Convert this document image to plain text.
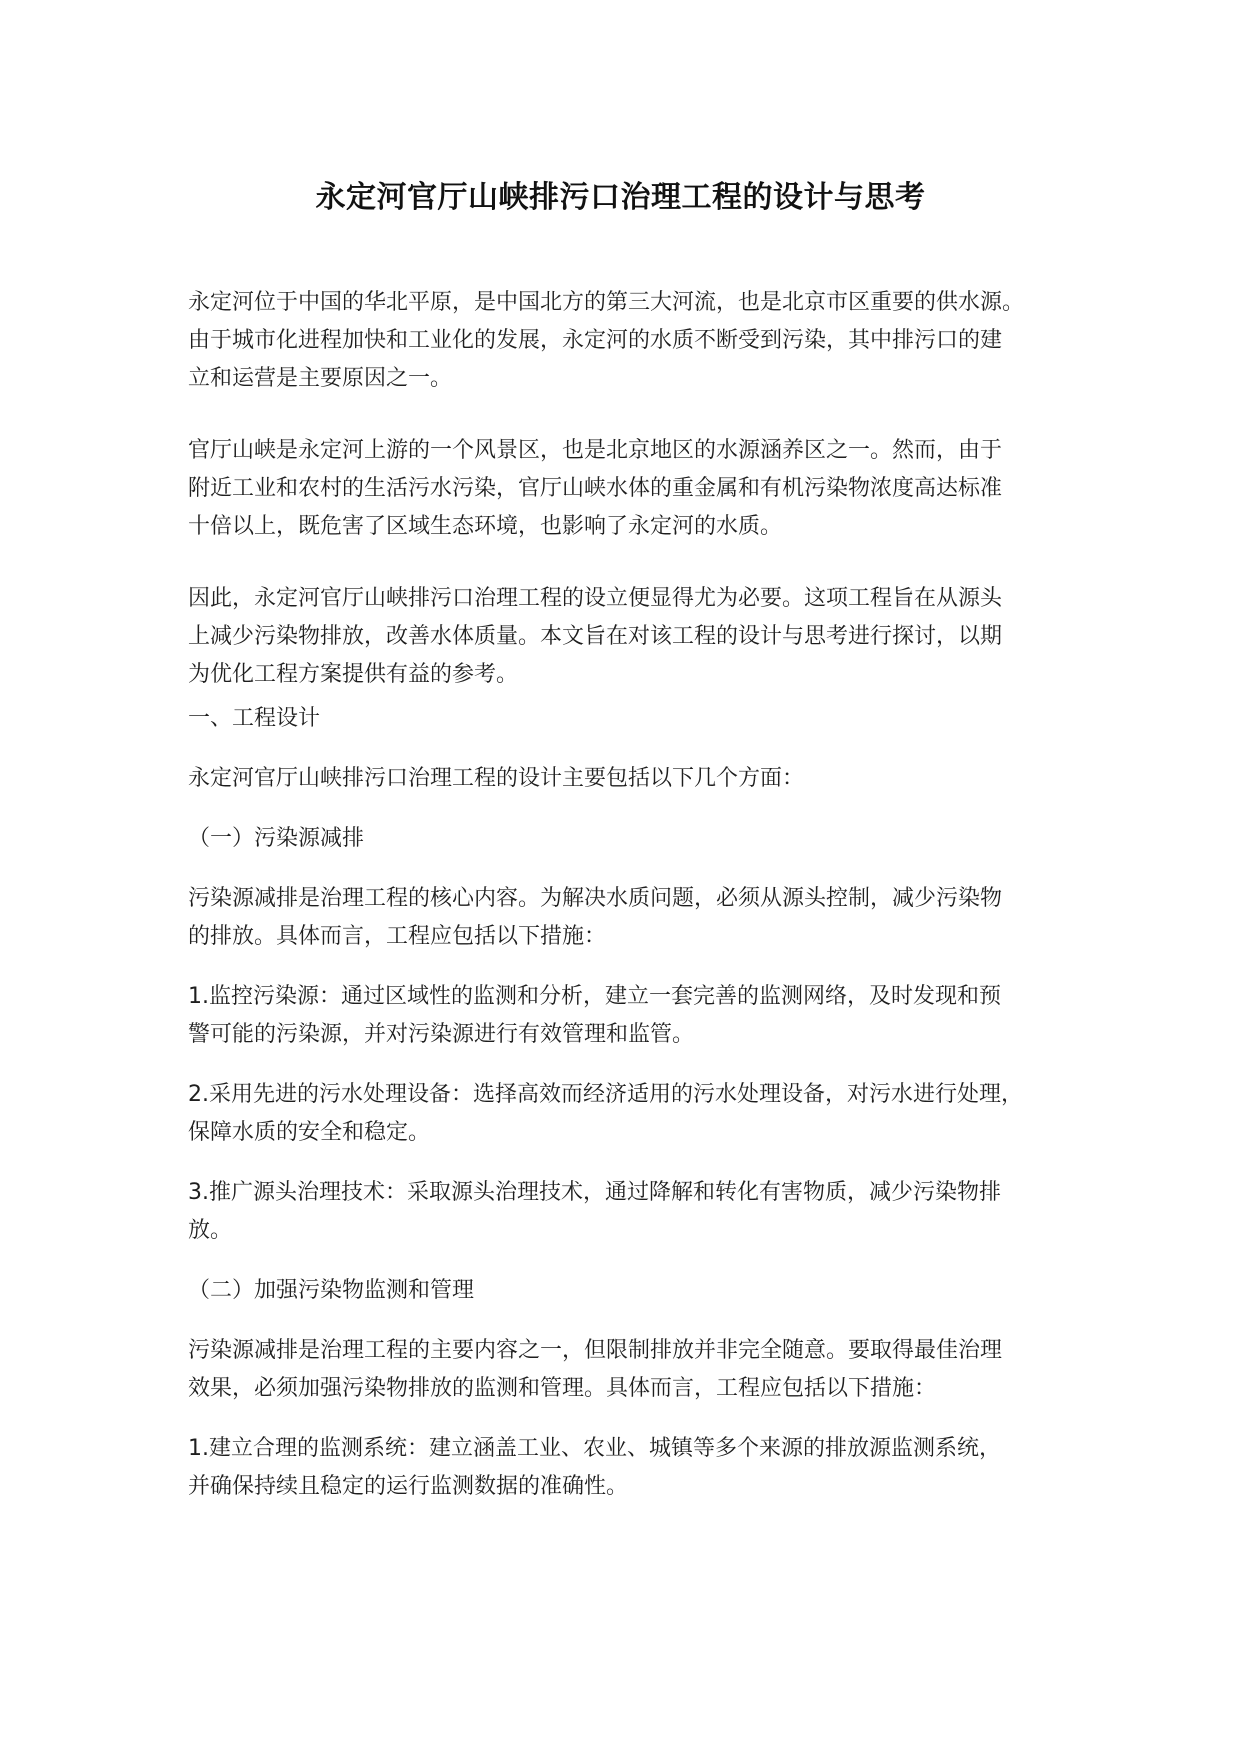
永定河官厅山峡排污口治理工程的设计与思考

永定河位于中国的华北平原，是中国北方的第三大河流，也是北京市区重要的供水源。
由于城市化进程加快和工业化的发展，永定河的水质不断受到污染，其中排污口的建
立和运营是主要原因之一。

官厅山峡是永定河上游的一个风景区，也是北京地区的水源涵养区之一。然而，由于
附近工业和农村的生活污水污染，官厅山峡水体的重金属和有机污染物浓度高达标准
十倍以上，既危害了区域生态环境，也影响了永定河的水质。

因此，永定河官厅山峡排污口治理工程的设立便显得尤为必要。这项工程旨在从源头
上减少污染物排放，改善水体质量。本文旨在对该工程的设计与思考进行探讨，以期
为优化工程方案提供有益的参考。

一、工程设计

永定河官厅山峡排污口治理工程的设计主要包括以下几个方面：

（一）污染源减排

污染源减排是治理工程的核心内容。为解决水质问题，必须从源头控制，减少污染物
的排放。具体而言，工程应包括以下措施：

1.监控污染源：通过区域性的监测和分析，建立一套完善的监测网络，及时发现和预
警可能的污染源，并对污染源进行有效管理和监管。

2.采用先进的污水处理设备：选择高效而经济适用的污水处理设备，对污水进行处理，
保障水质的安全和稳定。

3.推广源头治理技术：采取源头治理技术，通过降解和转化有害物质，减少污染物排
放。

（二）加强污染物监测和管理

污染源减排是治理工程的主要内容之一，但限制排放并非完全随意。要取得最佳治理
效果，必须加强污染物排放的监测和管理。具体而言，工程应包括以下措施：

1.建立合理的监测系统：建立涵盖工业、农业、城镇等多个来源的排放源监测系统，
并确保持续且稳定的运行监测数据的准确性。
